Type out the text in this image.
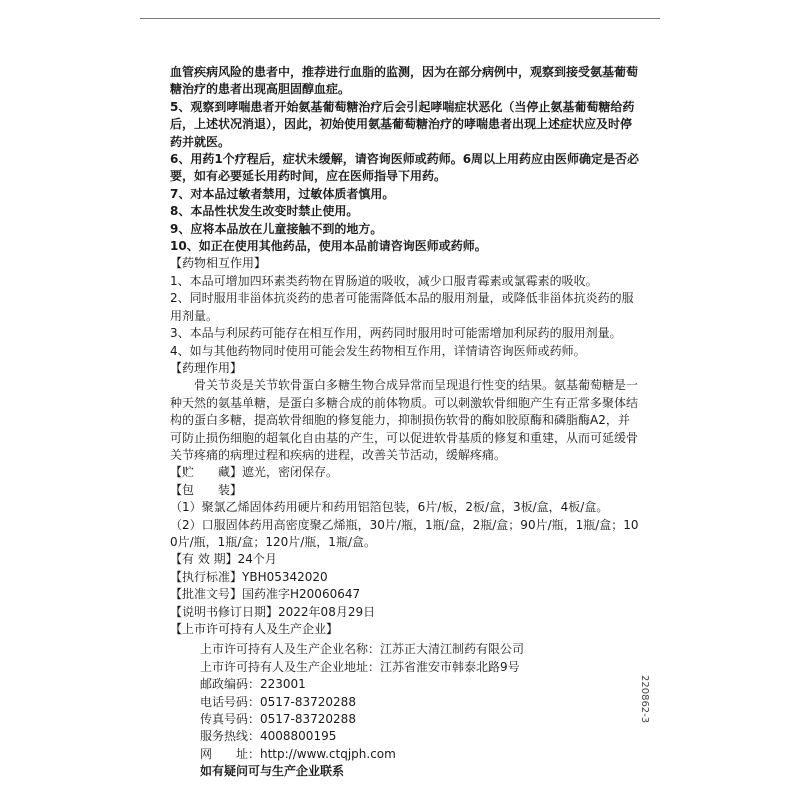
血管疾病风险的患者中，推荐进行血脂的监测，因为在部分病例中，观察到接受氨基葡萄糖治疗的患者出现高胆固醇血症。

5、观察到哮喘患者开始氨基葡萄糖治疗后会引起哮喘症状恶化（当停止氨基葡萄糖给药后，上述状况消退），因此，初始使用氨基葡萄糖治疗的哮喘患者出现上述症状应及时停药并就医。

6、用药1个疗程后，症状未缓解，请咨询医师或药师。6周以上用药应由医师确定是否必要，如有必要延长用药时间，应在医师指导下用药。

7、对本品过敏者禁用，过敏体质者慎用。

8、本品性状发生改变时禁止使用。

9、应将本品放在儿童接触不到的地方。

10、如正在使用其他药品，使用本品前请咨询医师或药师。

【药物相互作用】

1、本品可增加四环素类药物在胃肠道的吸收，减少口服青霉素或氯霉素的吸收。

2、同时服用非甾体抗炎药的患者可能需降低本品的服用剂量，或降低非甾体抗炎药的服用剂量。

3、本品与利尿药可能存在相互作用，两药同时服用时可能需增加利尿药的服用剂量。

4、如与其他药物同时使用可能会发生药物相互作用，详情请咨询医师或药师。

【药理作用】

骨关节炎是关节软骨蛋白多糖生物合成异常而呈现退行性变的结果。氨基葡萄糖是一种天然的氨基单糖，是蛋白多糖合成的前体物质。可以刺激软骨细胞产生有正常多聚体结构的蛋白多糖，提高软骨细胞的修复能力，抑制损伤软骨的酶如胶原酶和磷脂酶A2，并可防止损伤细胞的超氧化自由基的产生，可以促进软骨基质的修复和重建，从而可延缓骨关节疼痛的病理过程和疾病的进程，改善关节活动，缓解疼痛。

【贮　　藏】遮光，密闭保存。

【包　　装】

（1）聚氯乙烯固体药用硬片和药用铝箔包装，6片/板，2板/盒，3板/盒，4板/盒。

（2）口服固体药用高密度聚乙烯瓶，30片/瓶，1瓶/盒，2瓶/盒；90片/瓶，1瓶/盒；100片/瓶，1瓶/盒；120片/瓶，1瓶/盒。

【有 效 期】24个月

【执行标准】YBH05342020

【批准文号】国药准字H20060647

【说明书修订日期】2022年08月29日

【上市许可持有人及生产企业】

上市许可持有人及生产企业名称：江苏正大清江制药有限公司
上市许可持有人及生产企业地址：江苏省淮安市韩泰北路9号
邮政编码：223001
电话号码：0517-83720288
传真号码：0517-83720288
服务热线：4008800195
网　　址：http://www.ctqjph.com
如有疑问可与生产企业联系
220862-3
